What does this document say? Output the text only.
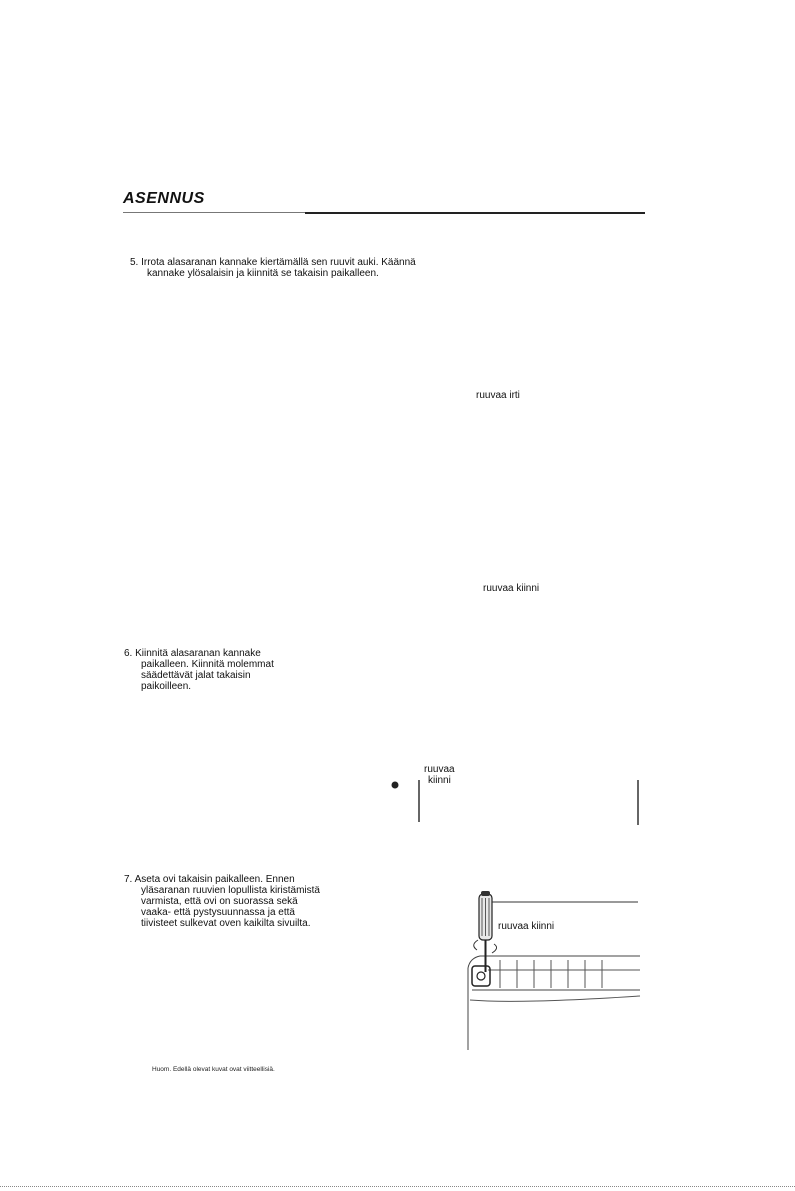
ASENNUS
5. Irrota alasaranan kannake kiertämällä sen ruuvit auki. Käännä
kannake ylösalaisin ja kiinnitä se takaisin paikalleen.
ruuvaa irti
ruuvaa kiinni
6. Kiinnitä alasaranan kannake
paikalleen. Kiinnitä molemmat
säädettävät jalat takaisin
paikoilleen.
ruuvaa
kiinni
7. Aseta ovi takaisin paikalleen. Ennen
yläsaranan ruuvien lopullista kiristämistä
varmista, että ovi on suorassa sekä
vaaka- että pystysuunnassa ja että
tiivisteet sulkevat oven kaikilta sivuilta.	ruuvaa kiinni
Huom. Edellä olevat kuvat ovat viitteellisiä.
